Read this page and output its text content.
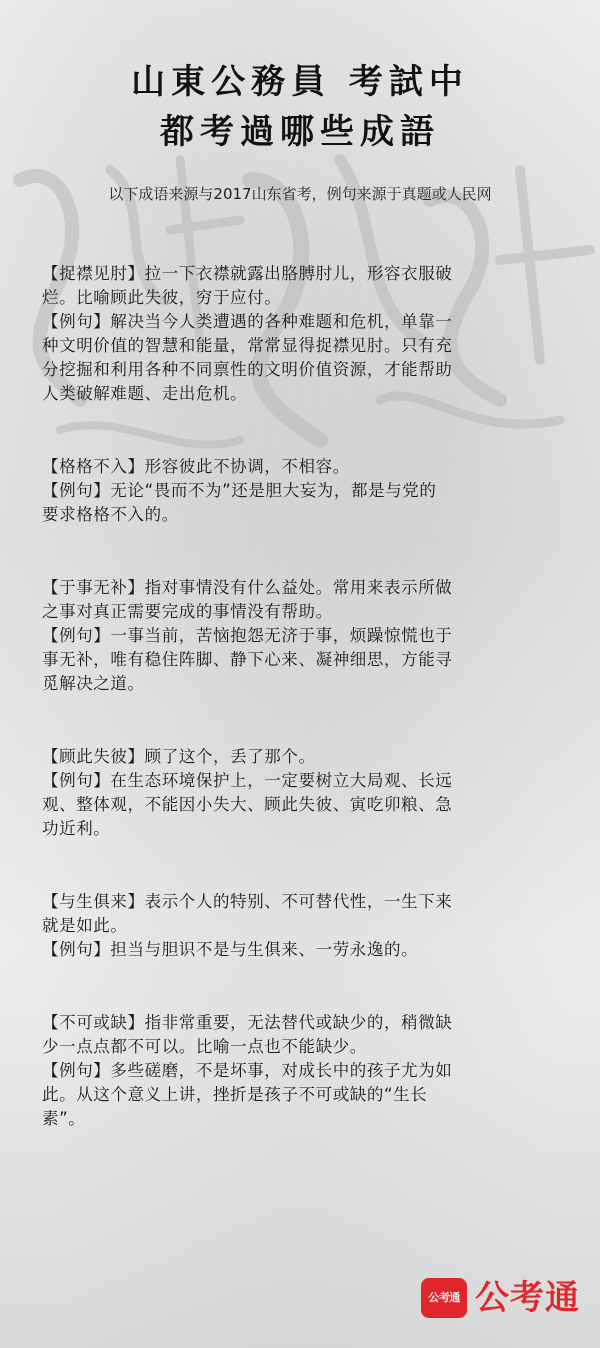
山東公務員 考試中
都考過哪些成語
以下成语来源与2017山东省考，例句来源于真题或人民网
【捉襟见肘】拉一下衣襟就露出胳膊肘儿，形容衣服破
烂。比喻顾此失彼，穷于应付。
【例句】解决当今人类遭遇的各种难题和危机，单靠一
种文明价值的智慧和能量，常常显得捉襟见肘。只有充
分挖掘和利用各种不同禀性的文明价值资源，才能帮助
人类破解难题、走出危机。
【格格不入】形容彼此不协调，不相容。
【例句】无论“畏而不为”还是胆大妄为，都是与党的
要求格格不入的。
【于事无补】指对事情没有什么益处。常用来表示所做
之事对真正需要完成的事情没有帮助。
【例句】一事当前，苦恼抱怨无济于事，烦躁惊慌也于
事无补，唯有稳住阵脚、静下心来、凝神细思，方能寻
觅解决之道。
【顾此失彼】顾了这个，丢了那个。
【例句】在生态环境保护上，一定要树立大局观、长远
观、整体观，不能因小失大、顾此失彼、寅吃卯粮、急
功近利。
【与生俱来】表示个人的特别、不可替代性，一生下来
就是如此。
【例句】担当与胆识不是与生俱来、一劳永逸的。
【不可或缺】指非常重要，无法替代或缺少的，稍微缺
少一点点都不可以。比喻一点也不能缺少。
【例句】多些磋磨，不是坏事，对成长中的孩子尤为如
此。从这个意义上讲，挫折是孩子不可或缺的“生长
素”。
公考通 公考通
